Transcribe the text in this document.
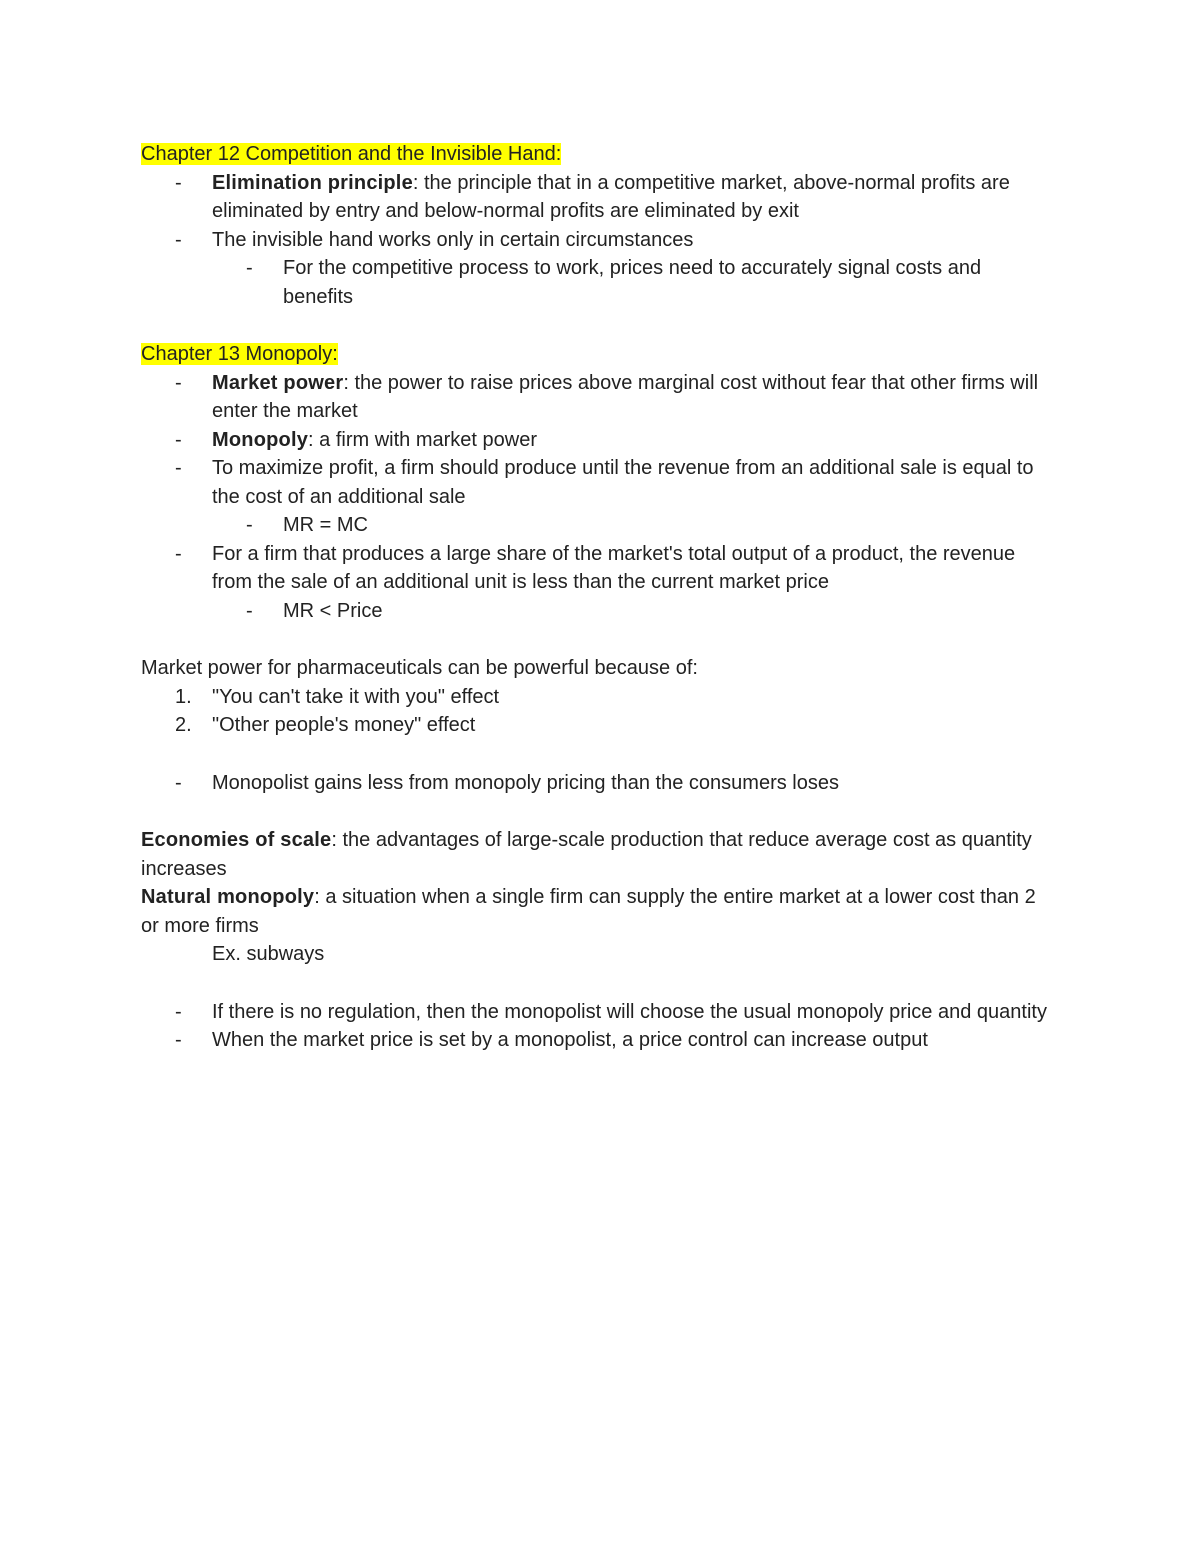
Chapter 12 Competition and the Invisible Hand:
- Elimination principle: the principle that in a competitive market, above-normal profits are eliminated by entry and below-normal profits are eliminated by exit
- The invisible hand works only in certain circumstances
- For the competitive process to work, prices need to accurately signal costs and benefits
Chapter 13 Monopoly:
- Market power: the power to raise prices above marginal cost without fear that other firms will enter the market
- Monopoly: a firm with market power
- To maximize profit, a firm should produce until the revenue from an additional sale is equal to the cost of an additional sale
- MR = MC
- For a firm that produces a large share of the market's total output of a product, the revenue from the sale of an additional unit is less than the current market price
- MR < Price
Market power for pharmaceuticals can be powerful because of:
1. "You can't take it with you" effect
2. "Other people's money" effect
- Monopolist gains less from monopoly pricing than the consumers loses
Economies of scale: the advantages of large-scale production that reduce average cost as quantity increases
Natural monopoly: a situation when a single firm can supply the entire market at a lower cost than 2 or more firms
Ex. subways
- If there is no regulation, then the monopolist will choose the usual monopoly price and quantity
- When the market price is set by a monopolist, a price control can increase output
